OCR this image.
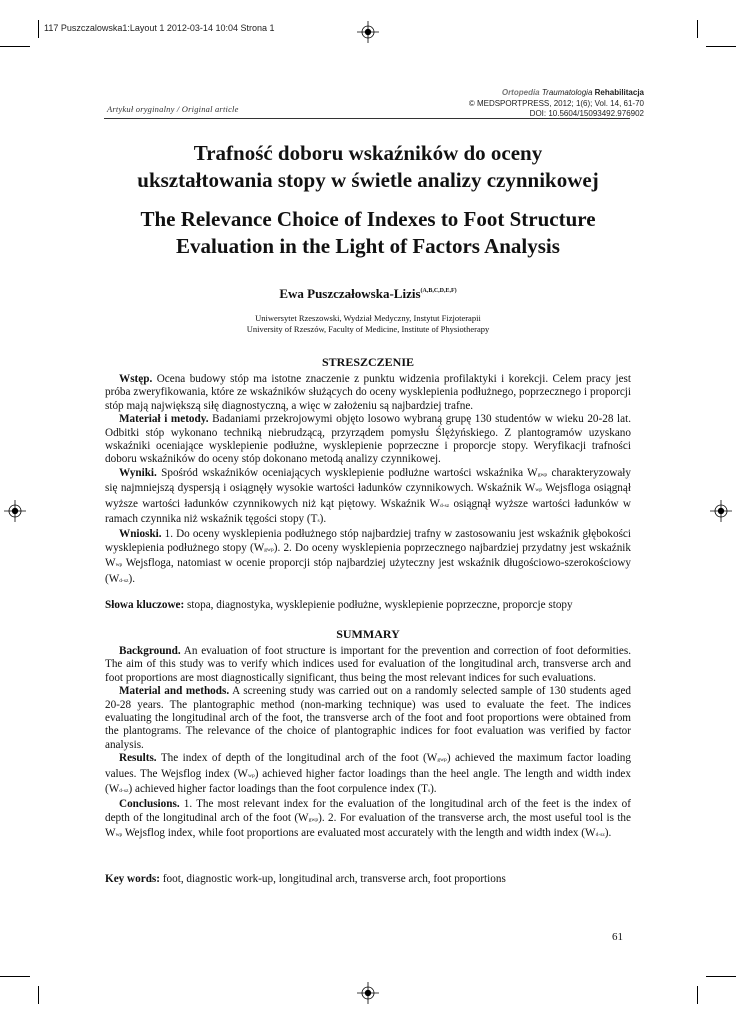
117 Puszczalowska1:Layout 1 2012-03-14 10:04 Strona 1
Ortopedia Traumatologia Rehabilitacja
© MEDSPORTPRESS, 2012; 1(6); Vol. 14, 61-70
DOI: 10.5604/15093492.976902
Artykuł oryginalny / Original article
Trafność doboru wskaźników do oceny
ukształtowania stopy w świetle analizy czynnikowej
The Relevance Choice of Indexes to Foot Structure
Evaluation in the Light of Factors Analysis
Ewa Puszczałowska-Lizis$^{(A,B,C,D,E,F)}$
Uniwersytet Rzeszowski, Wydział Medyczny, Instytut Fizjoterapii
University of Rzeszów, Faculty of Medicine, Institute of Physiotherapy
STRESZCZENIE

Wstęp. Ocena budowy stóp ma istotne znaczenie z punktu widzenia profilaktyki i korekcji. Celem pracy jest próba zweryfikowania, które ze wskaźników służących do oceny wysklepienia podłużnego, poprzecznego i proporcji stóp mają największą siłę diagnostyczną, a więc w założeniu są najbardziej trafne.

Materiał i metody. Badaniami przekrojowymi objęto losowo wybraną grupę 130 studentów w wieku 20-28 lat. Odbitki stóp wykonano techniką niebrudzącą, przyrządem pomysłu Ślężyńskiego. Z plantogramów uzyskano wskaźniki oceniające wysklepienie podłużne, wysklepienie poprzeczne i proporcje stopy. Weryfikacji trafności doboru wskaźników do oceny stóp dokonano metodą analizy czynnikowej.

Wyniki. Spośród wskaźników oceniających wysklepienie podłużne wartości wskaźnika Wgwp charakteryzowały się najmniejszą dyspersją i osiągnęły wysokie wartości ładunków czynnikowych. Wskaźnik Wwp Wejsfloga osiągnął wyższe wartości ładunków czynnikowych niż kąt piętowy. Wskaźnik Wd-sz osiągnął wyższe wartości ładunków w ramach czynnika niż wskaźnik tęgości stopy (Ts).

Wnioski. 1. Do oceny wysklepienia podłużnego stóp najbardziej trafny w zastosowaniu jest wskaźnik głębokości wysklepienia podłużnego stopy (Wgwp). 2. Do oceny wysklepienia poprzecznego najbardziej przydatny jest wskaźnik Wwp Wejsfloga, natomiast w ocenie proporcji stóp najbardziej użyteczny jest wskaźnik długościowo-szerokościowy (Wd-sz).

Słowa kluczowe: stopa, diagnostyka, wysklepienie podłużne, wysklepienie poprzeczne, proporcje stopy
SUMMARY

Background. An evaluation of foot structure is important for the prevention and correction of foot deformities. The aim of this study was to verify which indices used for evaluation of the longitudinal arch, transverse arch and foot proportions are most diagnostically significant, thus being the most relevant indices for such evaluations.

Material and methods. A screening study was carried out on a randomly selected sample of 130 students aged 20-28 years. The plantographic method (non-marking technique) was used to evaluate the feet. The indices evaluating the longitudinal arch of the foot, the transverse arch of the foot and foot proportions were obtained from the plantograms. The relevance of the choice of plantographic indices for foot evaluation was verified by factor analysis.

Results. The index of depth of the longitudinal arch of the foot (Wgwp) achieved the maximum factor loading values. The Wejsflog index (Wwp) achieved higher factor loadings than the heel angle. The length and width index (Wd-sz) achieved higher factor loadings than the foot corpulence index (Ts).

Conclusions. 1. The most relevant index for the evaluation of the longitudinal arch of the feet is the index of depth of the longitudinal arch of the foot (Wgwp). 2. For evaluation of the transverse arch, the most useful tool is the Wwp Wejsflog index, while foot proportions are evaluated most accurately with the length and width index (Wd-sz).

Key words: foot, diagnostic work-up, longitudinal arch, transverse arch, foot proportions
61
